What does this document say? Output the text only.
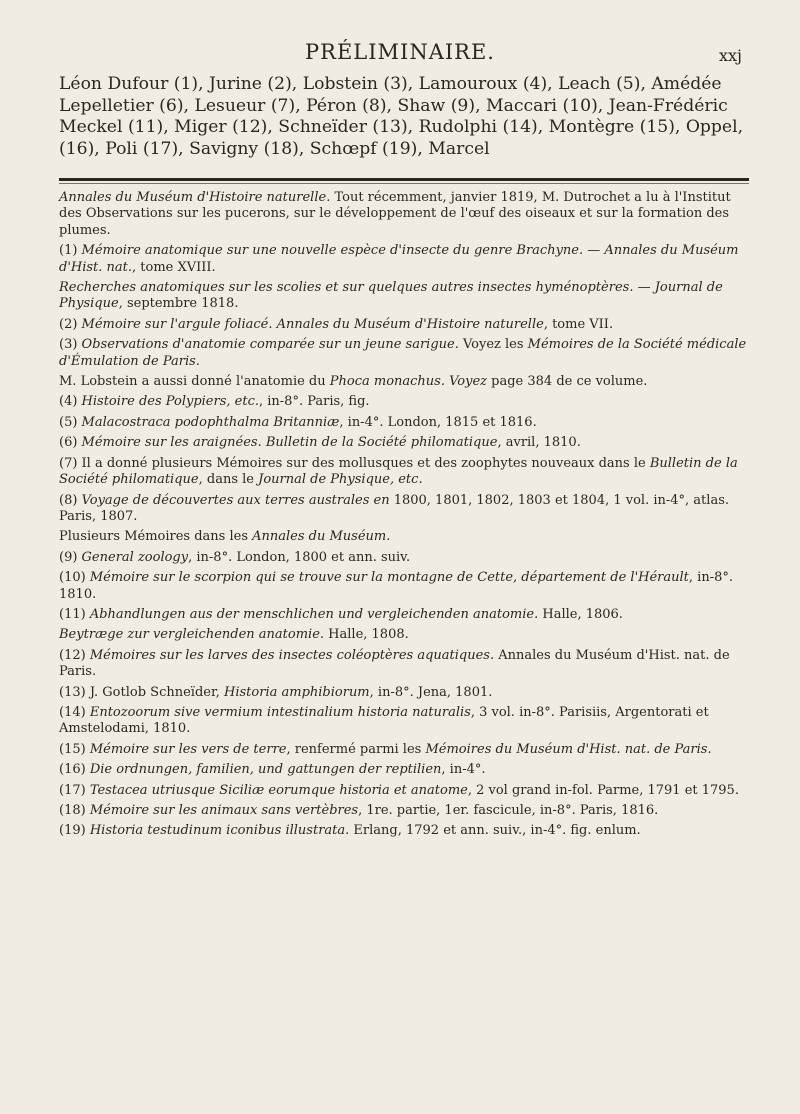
PRÉLIMINAIRE.	xxj

Léon Dufour (1), Jurine (2), Lobstein (3), Lamouroux (4), Leach (5), Amédée Lepelletier (6), Lesueur (7), Péron (8), Shaw (9), Maccari (10), Jean-Frédéric Meckel (11), Miger (12), Schneïder (13), Rudolphi (14), Montègre (15), Oppel, (16), Poli (17), Savigny (18), Schœpf (19), Marcel

Annales du Muséum d'Histoire naturelle. Tout récemment, janvier 1819, M. Dutrochet a lu à l'Institut des Observations sur les pucerons, sur le développement de l'œuf des oiseaux et sur la formation des plumes.

(1) Mémoire anatomique sur une nouvelle espèce d'insecte du genre Brachyne. — Annales du Muséum d'Hist. nat., tome XVIII.

Recherches anatomiques sur les scolies et sur quelques autres insectes hyménoptères. — Journal de Physique, septembre 1818.

(2) Mémoire sur l'argule foliacé. Annales du Muséum d'Histoire naturelle, tome VII.

(3) Observations d'anatomie comparée sur un jeune sarigue. Voyez les Mémoires de la Société médicale d'Émulation de Paris.

M. Lobstein a aussi donné l'anatomie du Phoca monachus. Voyez page 384 de ce volume.

(4) Histoire des Polypiers, etc., in-8°. Paris, fig.

(5) Malacostraca podophthalma Britanniæ, in-4°. London, 1815 et 1816.

(6) Mémoire sur les araignées. Bulletin de la Société philomatique, avril, 1810.

(7) Il a donné plusieurs Mémoires sur des mollusques et des zoophytes nouveaux dans le Bulletin de la Société philomatique, dans le Journal de Physique, etc.

(8) Voyage de découvertes aux terres australes en 1800, 1801, 1802, 1803 et 1804, 1 vol. in-4°, atlas. Paris, 1807.

Plusieurs Mémoires dans les Annales du Muséum.

(9) General zoology, in-8°. London, 1800 et ann. suiv.

(10) Mémoire sur le scorpion qui se trouve sur la montagne de Cette, département de l'Hérault, in-8°. 1810.

(11) Abhandlungen aus der menschlichen und vergleichenden anatomie. Halle, 1806.

Beytræge zur vergleichenden anatomie. Halle, 1808.

(12) Mémoires sur les larves des insectes coléoptères aquatiques. Annales du Muséum d'Hist. nat. de Paris.

(13) J. Gotlob Schneïder, Historia amphibiorum, in-8°. Jena, 1801.

(14) Entozoorum sive vermium intestinalium historia naturalis, 3 vol. in-8°. Parisiis, Argentorati et Amstelodami, 1810.

(15) Mémoire sur les vers de terre, renfermé parmi les Mémoires du Muséum d'Hist. nat. de Paris.

(16) Die ordnungen, familien, und gattungen der reptilien, in-4°.

(17) Testacea utriusque Siciliæ eorumque historia et anatome, 2 vol grand in-fol. Parme, 1791 et 1795.

(18) Mémoire sur les animaux sans vertèbres, 1re. partie, 1er. fascicule, in-8°. Paris, 1816.

(19) Historia testudinum iconibus illustrata. Erlang, 1792 et ann. suiv., in-4°. fig. enlum.
